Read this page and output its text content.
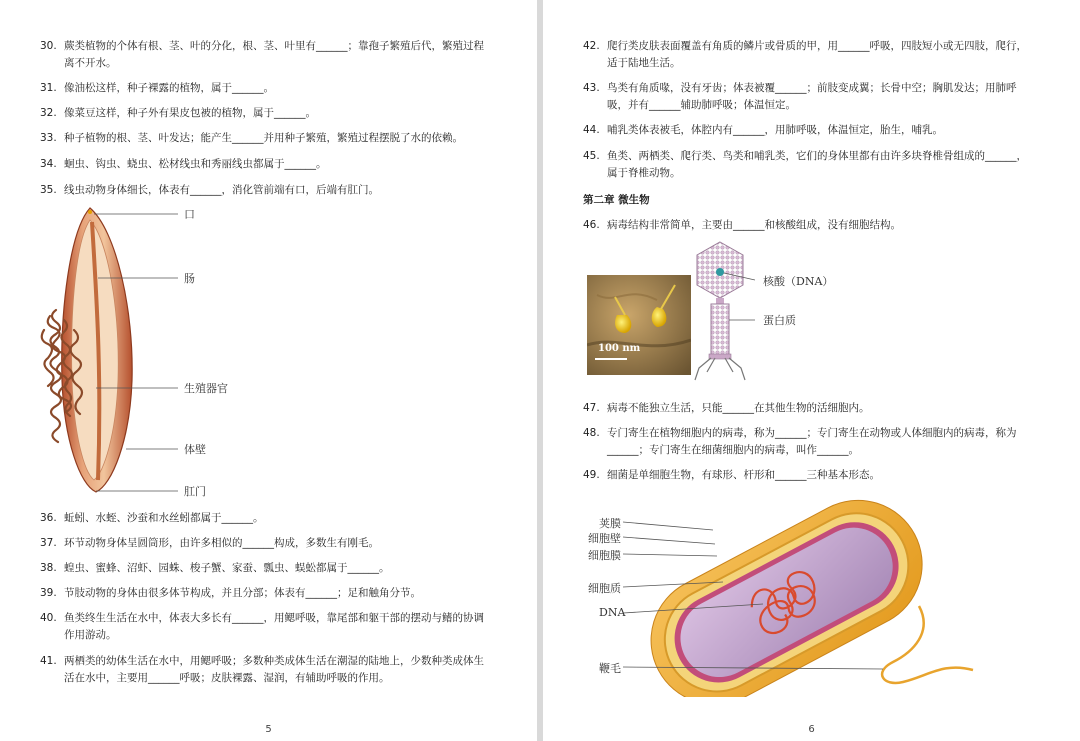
30. 蕨类植物的个体有根、茎、叶的分化，根、茎、叶里有______；靠孢子繁殖后代，繁殖过程
离不开水。
31. 像油松这样，种子裸露的植物，属于______。
32. 像菜豆这样，种子外有果皮包被的植物，属于______。
33. 种子植物的根、茎、叶发达；能产生______并用种子繁殖，繁殖过程摆脱了水的依赖。
34. 蛔虫、钩虫、蛲虫、松材线虫和秀丽线虫都属于______。
35. 线虫动物身体细长，体表有______，消化管前端有口，后端有肛门。
口
肠
生殖器官
体壁
肛门
36. 蚯蚓、水蛭、沙蚕和水丝蚓都属于______。
37. 环节动物身体呈圆筒形，由许多相似的______构成，多数生有刚毛。
38. 蝗虫、蜜蜂、沼虾、园蛛、梭子蟹、家蚕、瓢虫、蜈蚣都属于______。
39. 节肢动物的身体由很多体节构成，并且分部；体表有______；足和触角分节。
40. 鱼类终生生活在水中，体表大多长有______，用鳃呼吸，靠尾部和躯干部的摆动与鳍的协调
作用游动。
41. 两栖类的幼体生活在水中，用鳃呼吸；多数种类成体生活在潮湿的陆地上，少数种类成体生
活在水中，主要用______呼吸；皮肤裸露、湿润，有辅助呼吸的作用。
5
42. 爬行类皮肤表面覆盖有角质的鳞片或骨质的甲，用______呼吸，四肢短小或无四肢，爬行，
适于陆地生活。
43. 鸟类有角质喙，没有牙齿；体表被覆______；前肢变成翼；长骨中空；胸肌发达；用肺呼
吸，并有______辅助肺呼吸；体温恒定。
44. 哺乳类体表被毛，体腔内有______，用肺呼吸，体温恒定，胎生，哺乳。
45. 鱼类、两栖类、爬行类、鸟类和哺乳类，它们的身体里都有由许多块脊椎骨组成的______，
属于脊椎动物。
第二章 微生物
46. 病毒结构非常简单，主要由______和核酸组成，没有细胞结构。
100 nm
核酸（DNA）
蛋白质
47. 病毒不能独立生活，只能______在其他生物的活细胞内。
48. 专门寄生在植物细胞内的病毒，称为______；专门寄生在动物或人体细胞内的病毒，称为
______；专门寄生在细菌细胞内的病毒，叫作______。
49. 细菌是单细胞生物，有球形、杆形和______三种基本形态。
荚膜
细胞壁
细胞膜
细胞质
DNA
鞭毛
6
